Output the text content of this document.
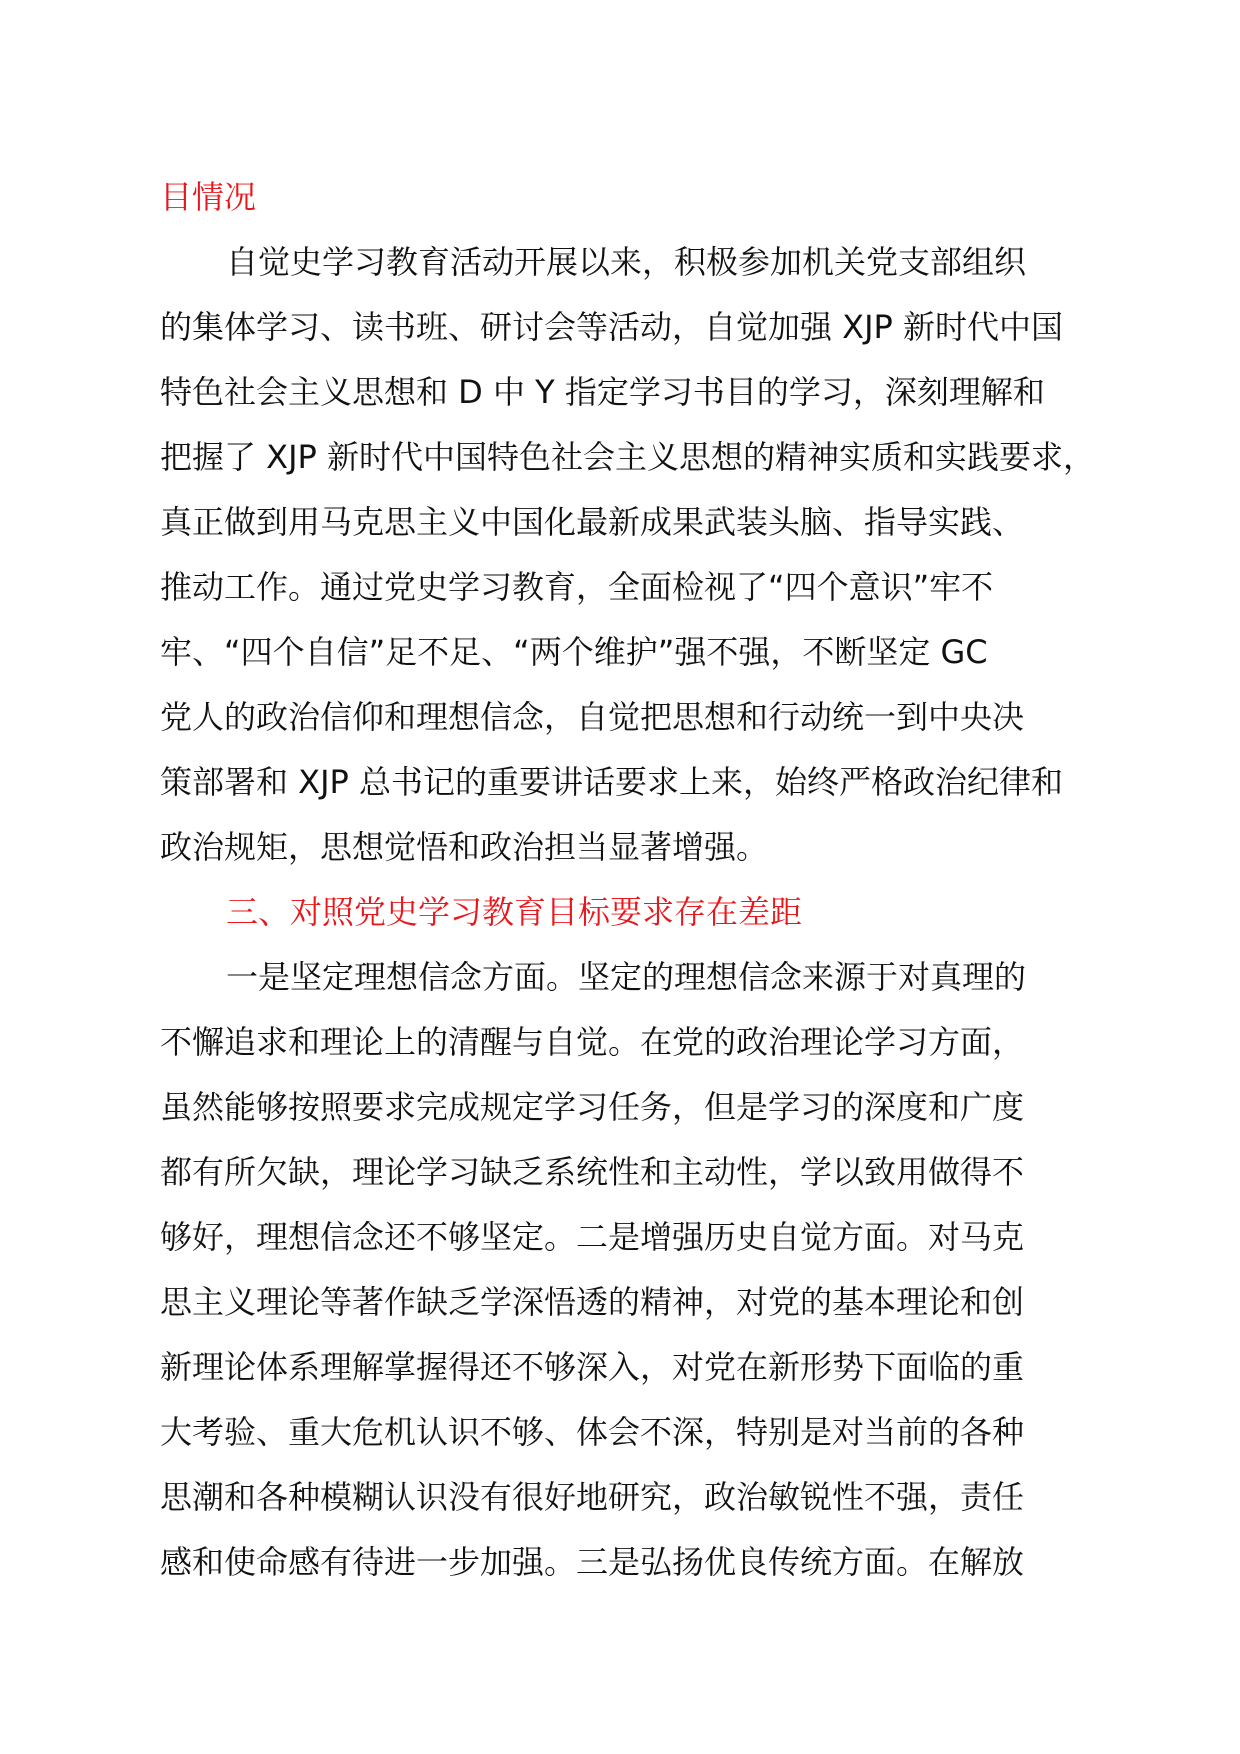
目情况
自觉史学习教育活动开展以来，积极参加机关党支部组织
的集体学习、读书班、研讨会等活动，自觉加强 XJP 新时代中国
特色社会主义思想和 D 中 Y 指定学习书目的学习，深刻理解和
把握了 XJP 新时代中国特色社会主义思想的精神实质和实践要求，
真正做到用马克思主义中国化最新成果武装头脑、指导实践、
推动工作。通过党史学习教育，全面检视了“四个意识”牢不
牢、“四个自信”足不足、“两个维护”强不强，不断坚定 GC
党人的政治信仰和理想信念，自觉把思想和行动统一到中央决
策部署和 XJP 总书记的重要讲话要求上来，始终严格政治纪律和
政治规矩，思想觉悟和政治担当显著增强。
三、对照党史学习教育目标要求存在差距
一是坚定理想信念方面。坚定的理想信念来源于对真理的
不懈追求和理论上的清醒与自觉。在党的政治理论学习方面，
虽然能够按照要求完成规定学习任务，但是学习的深度和广度
都有所欠缺，理论学习缺乏系统性和主动性，学以致用做得不
够好，理想信念还不够坚定。二是增强历史自觉方面。对马克
思主义理论等著作缺乏学深悟透的精神，对党的基本理论和创
新理论体系理解掌握得还不够深入，对党在新形势下面临的重
大考验、重大危机认识不够、体会不深，特别是对当前的各种
思潮和各种模糊认识没有很好地研究，政治敏锐性不强，责任
感和使命感有待进一步加强。三是弘扬优良传统方面。在解放
